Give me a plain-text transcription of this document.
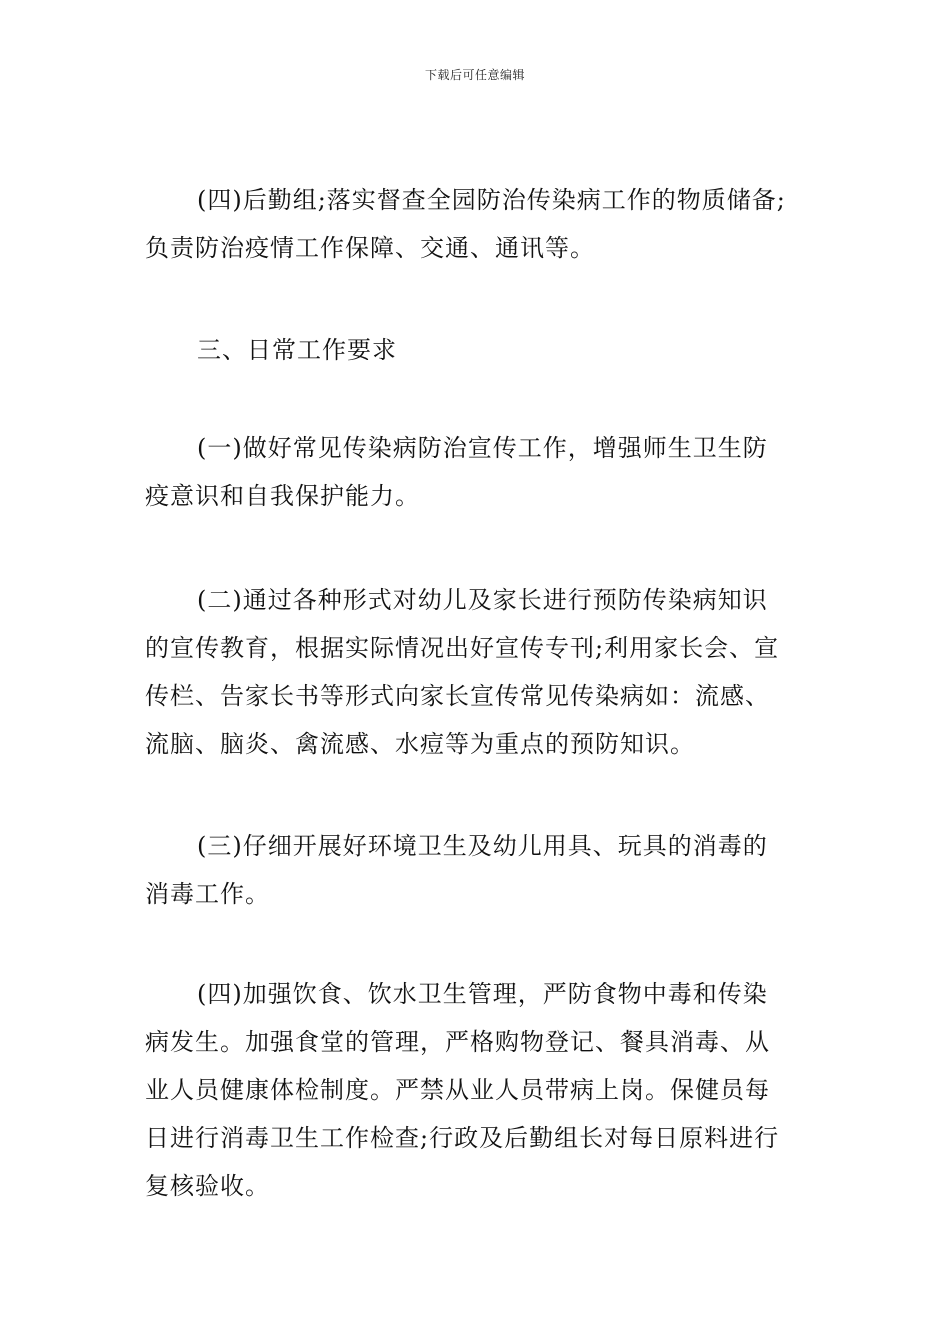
下载后可任意编辑
(四)后勤组;落实督查全园防治传染病工作的物质储备;
负责防治疫情工作保障、交通、通讯等。
三、日常工作要求
(一)做好常见传染病防治宣传工作，增强师生卫生防
疫意识和自我保护能力。
(二)通过各种形式对幼儿及家长进行预防传染病知识
的宣传教育，根据实际情况出好宣传专刊;利用家长会、宣
传栏、告家长书等形式向家长宣传常见传染病如：流感、
流脑、脑炎、禽流感、水痘等为重点的预防知识。
(三)仔细开展好环境卫生及幼儿用具、玩具的消毒的
消毒工作。
(四)加强饮食、饮水卫生管理，严防食物中毒和传染
病发生。加强食堂的管理，严格购物登记、餐具消毒、从
业人员健康体检制度。严禁从业人员带病上岗。保健员每
日进行消毒卫生工作检查;行政及后勤组长对每日原料进行
复核验收。
